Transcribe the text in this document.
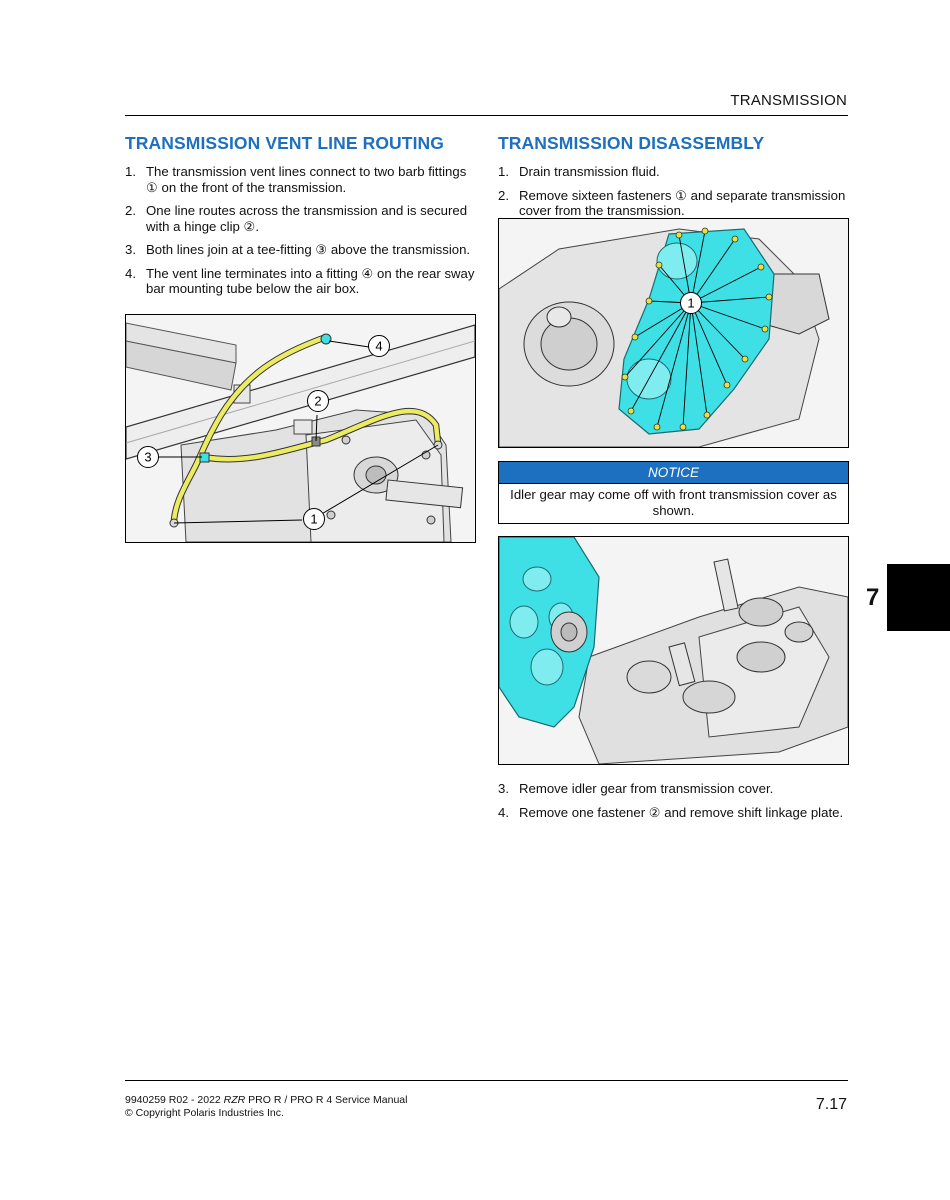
TRANSMISSION
TRANSMISSION VENT LINE ROUTING
1. The transmission vent lines connect to two barb fittings ① on the front of the transmission.
2. One line routes across the transmission and is secured with a hinge clip ②.
3. Both lines join at a tee-fitting ③ above the transmission.
4. The vent line terminates into a fitting ④ on the rear sway bar mounting tube below the air box.
4
2
3
1
TRANSMISSION DISASSEMBLY
1. Drain transmission fluid.
2. Remove sixteen fasteners ① and separate transmission cover from the transmission.
1
NOTICE
Idler gear may come off with front transmission cover as shown.
3. Remove idler gear from transmission cover.
4. Remove one fastener ② and remove shift linkage plate.
7
9940259 R02 - 2022 RZR PRO R / PRO R 4 Service Manual
© Copyright Polaris Industries Inc.	7.17
